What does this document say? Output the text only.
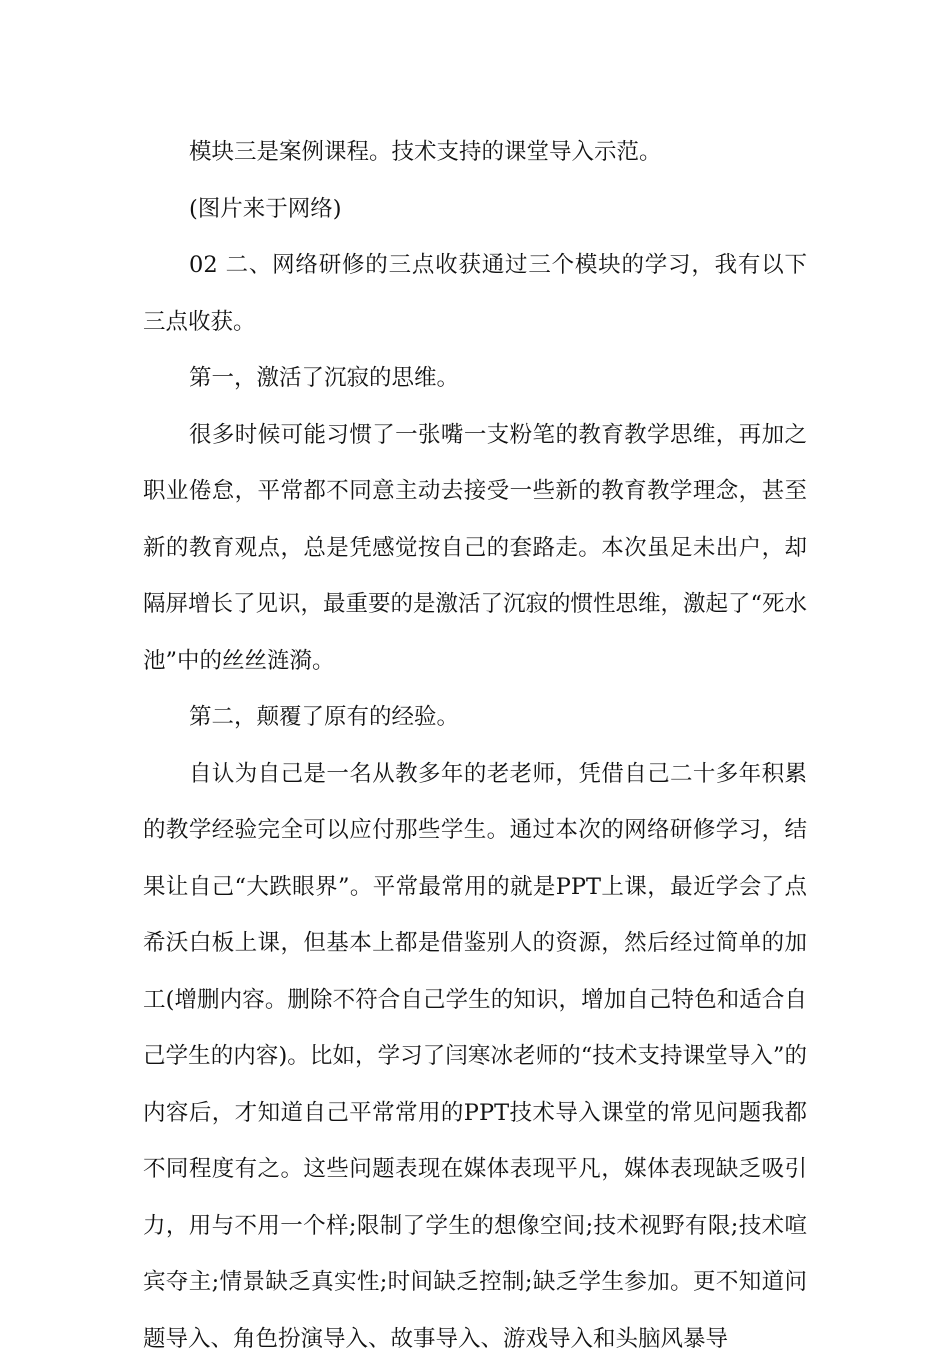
模块三是案例课程。技术支持的课堂导入示范。

(图片来于网络)

02 二、网络研修的三点收获通过三个模块的学习，我有以下三点收获。

第一，激活了沉寂的思维。

很多时候可能习惯了一张嘴一支粉笔的教育教学思维，再加之职业倦怠，平常都不同意主动去接受一些新的教育教学理念，甚至新的教育观点，总是凭感觉按自己的套路走。本次虽足未出户，却隔屏增长了见识，最重要的是激活了沉寂的惯性思维，激起了“死水池”中的丝丝涟漪。

第二，颠覆了原有的经验。

自认为自己是一名从教多年的老老师，凭借自己二十多年积累的教学经验完全可以应付那些学生。通过本次的网络研修学习，结果让自己“大跌眼界”。平常最常用的就是PPT上课，最近学会了点希沃白板上课，但基本上都是借鉴别人的资源，然后经过简单的加工(增删内容。删除不符合自己学生的知识，增加自己特色和适合自己学生的内容)。比如，学习了闫寒冰老师的“技术支持课堂导入”的内容后，才知道自己平常常用的PPT技术导入课堂的常见问题我都不同程度有之。这些问题表现在媒体表现平凡，媒体表现缺乏吸引力，用与不用一个样;限制了学生的想像空间;技术视野有限;技术喧宾夺主;情景缺乏真实性;时间缺乏控制;缺乏学生参加。更不知道问题导入、角色扮演导入、故事导入、游戏导入和头脑风暴导
